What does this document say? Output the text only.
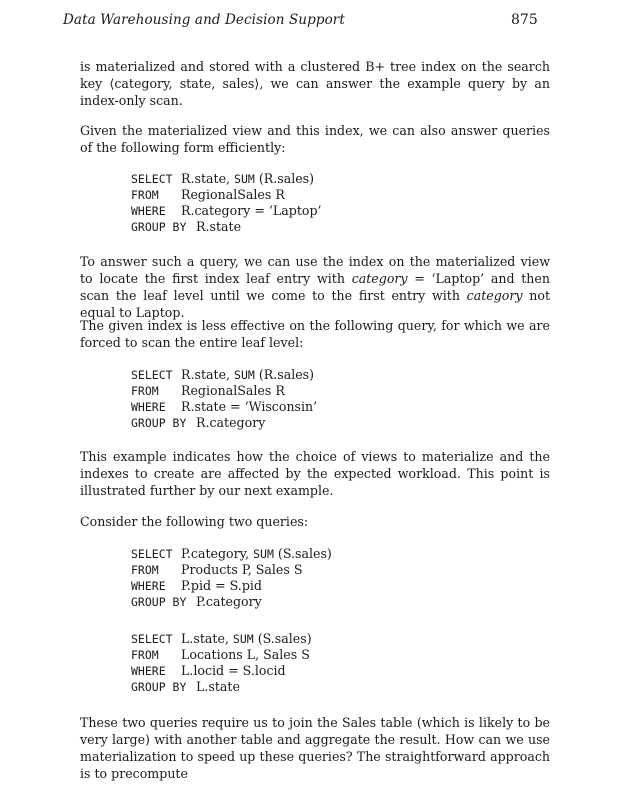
Data Warehousing and Decision Support	875

is materialized and stored with a clustered B+ tree index on the search key ⟨category, state, sales⟩, we can answer the example query by an index-only scan.

Given the materialized view and this index, we can also answer queries of the following form efficiently:

SELECT R.state, SUM (R.sales)
FROM	RegionalSales R
WHERE	R.category = ‘Laptop’
GROUP BY R.state

To answer such a query, we can use the index on the materialized view to locate the first index leaf entry with category = ‘Laptop’ and then scan the leaf level until we come to the first entry with category not equal to Laptop.

The given index is less effective on the following query, for which we are forced to scan the entire leaf level:

SELECT R.state, SUM (R.sales)
FROM	RegionalSales R
WHERE	R.state = ‘Wisconsin’
GROUP BY R.category

This example indicates how the choice of views to materialize and the indexes to create are affected by the expected workload. This point is illustrated further by our next example.

Consider the following two queries:

SELECT P.category, SUM (S.sales)
FROM	Products P, Sales S
WHERE	P.pid = S.pid
GROUP BY P.category
SELECT L.state, SUM (S.sales)
FROM	Locations L, Sales S
WHERE	L.locid = S.locid
GROUP BY L.state

These two queries require us to join the Sales table (which is likely to be very large) with another table and aggregate the result. How can we use materialization to speed up these queries? The straightforward approach is to precompute
